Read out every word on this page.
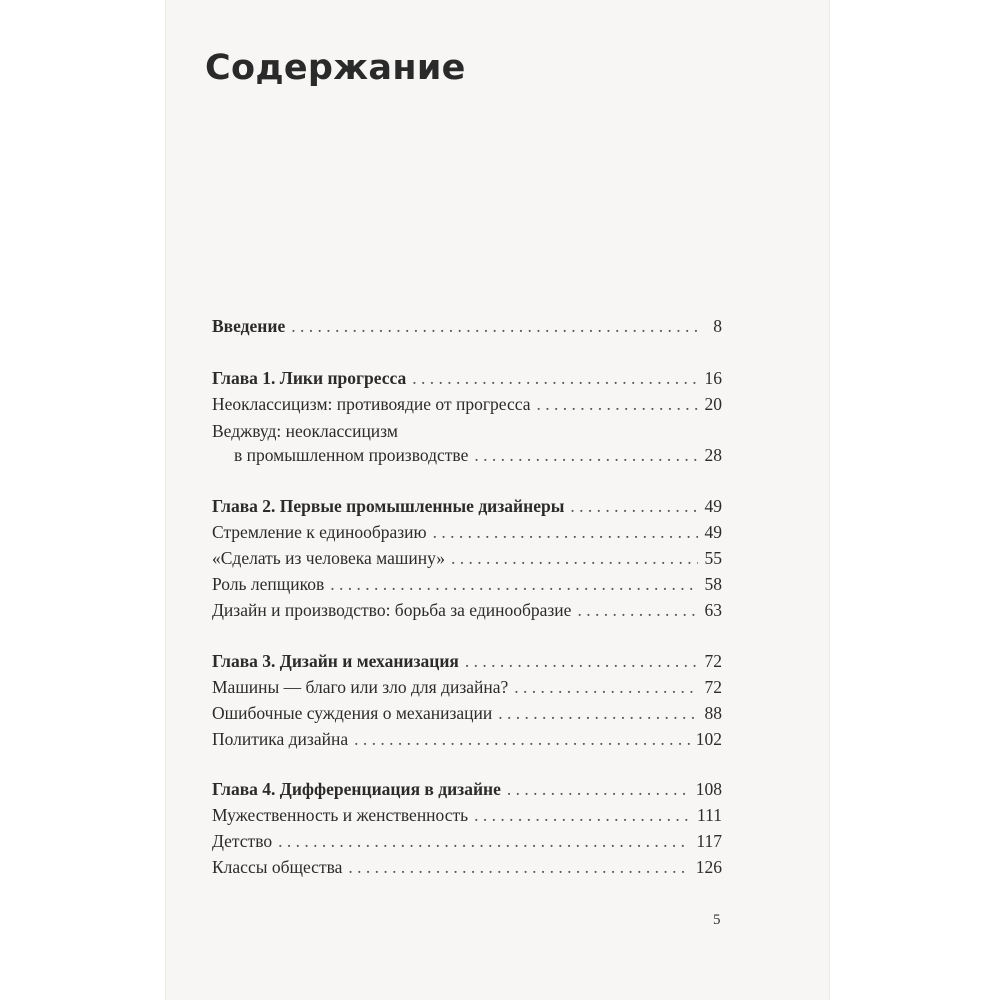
Содержание
Введение . . .	8
Глава 1. Лики прогресса . . .	16
Неоклассицизм: противоядие от прогресса . . .	20
Веджвуд: неоклассицизм
в промышленном производстве . . .	28
Глава 2. Первые промышленные дизайнеры . . .	49
Стремление к единообразию . . .	49
«Сделать из человека машину» . . .	55
Роль лепщиков . . .	58
Дизайн и производство: борьба за единообразие . . .	63
Глава 3. Дизайн и механизация . . .	72
Машины — благо или зло для дизайна? . . .	72
Ошибочные суждения о механизации . . .	88
Политика дизайна . . .	102
Глава 4. Дифференциация в дизайне . . .	108
Мужественность и женственность . . .	111
Детство . . .	117
Классы общества . . .	126
5
